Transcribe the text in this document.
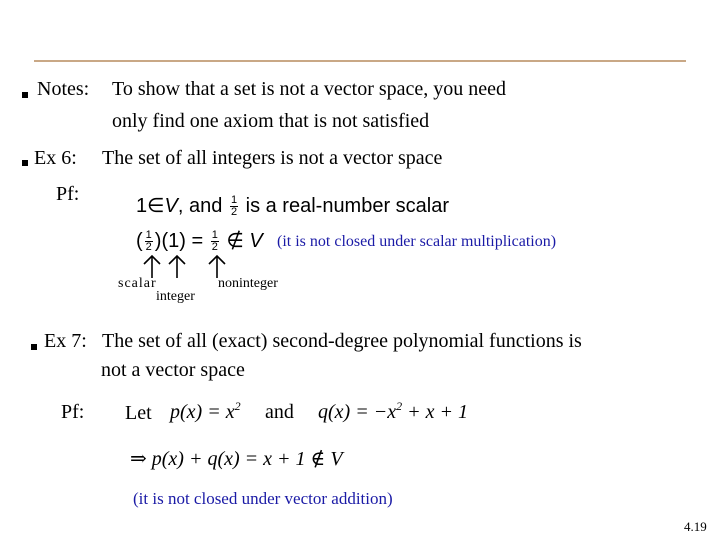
Notes: To show that a set is not a vector space, you need
only find one axiom that is not satisfied
Ex 6: The set of all integers is not a vector space
Pf:
1∈V, and $\frac{1}{2}$ is a real-number scalar
( $\frac{1}{2} )(1) = \frac{1}{2}$ ∉ V (it is not closed under scalar multiplication)
scalar
integer
noninteger
Ex 7: The set of all (exact) second-degree polynomial functions is
not a vector space
Pf: Let $p(x) = x^2$ and $q(x) = -x^2 + x + 1$
⇒ p(x) + q(x) = x + 1 ∉ V
(it is not closed under vector addition)
4.19
